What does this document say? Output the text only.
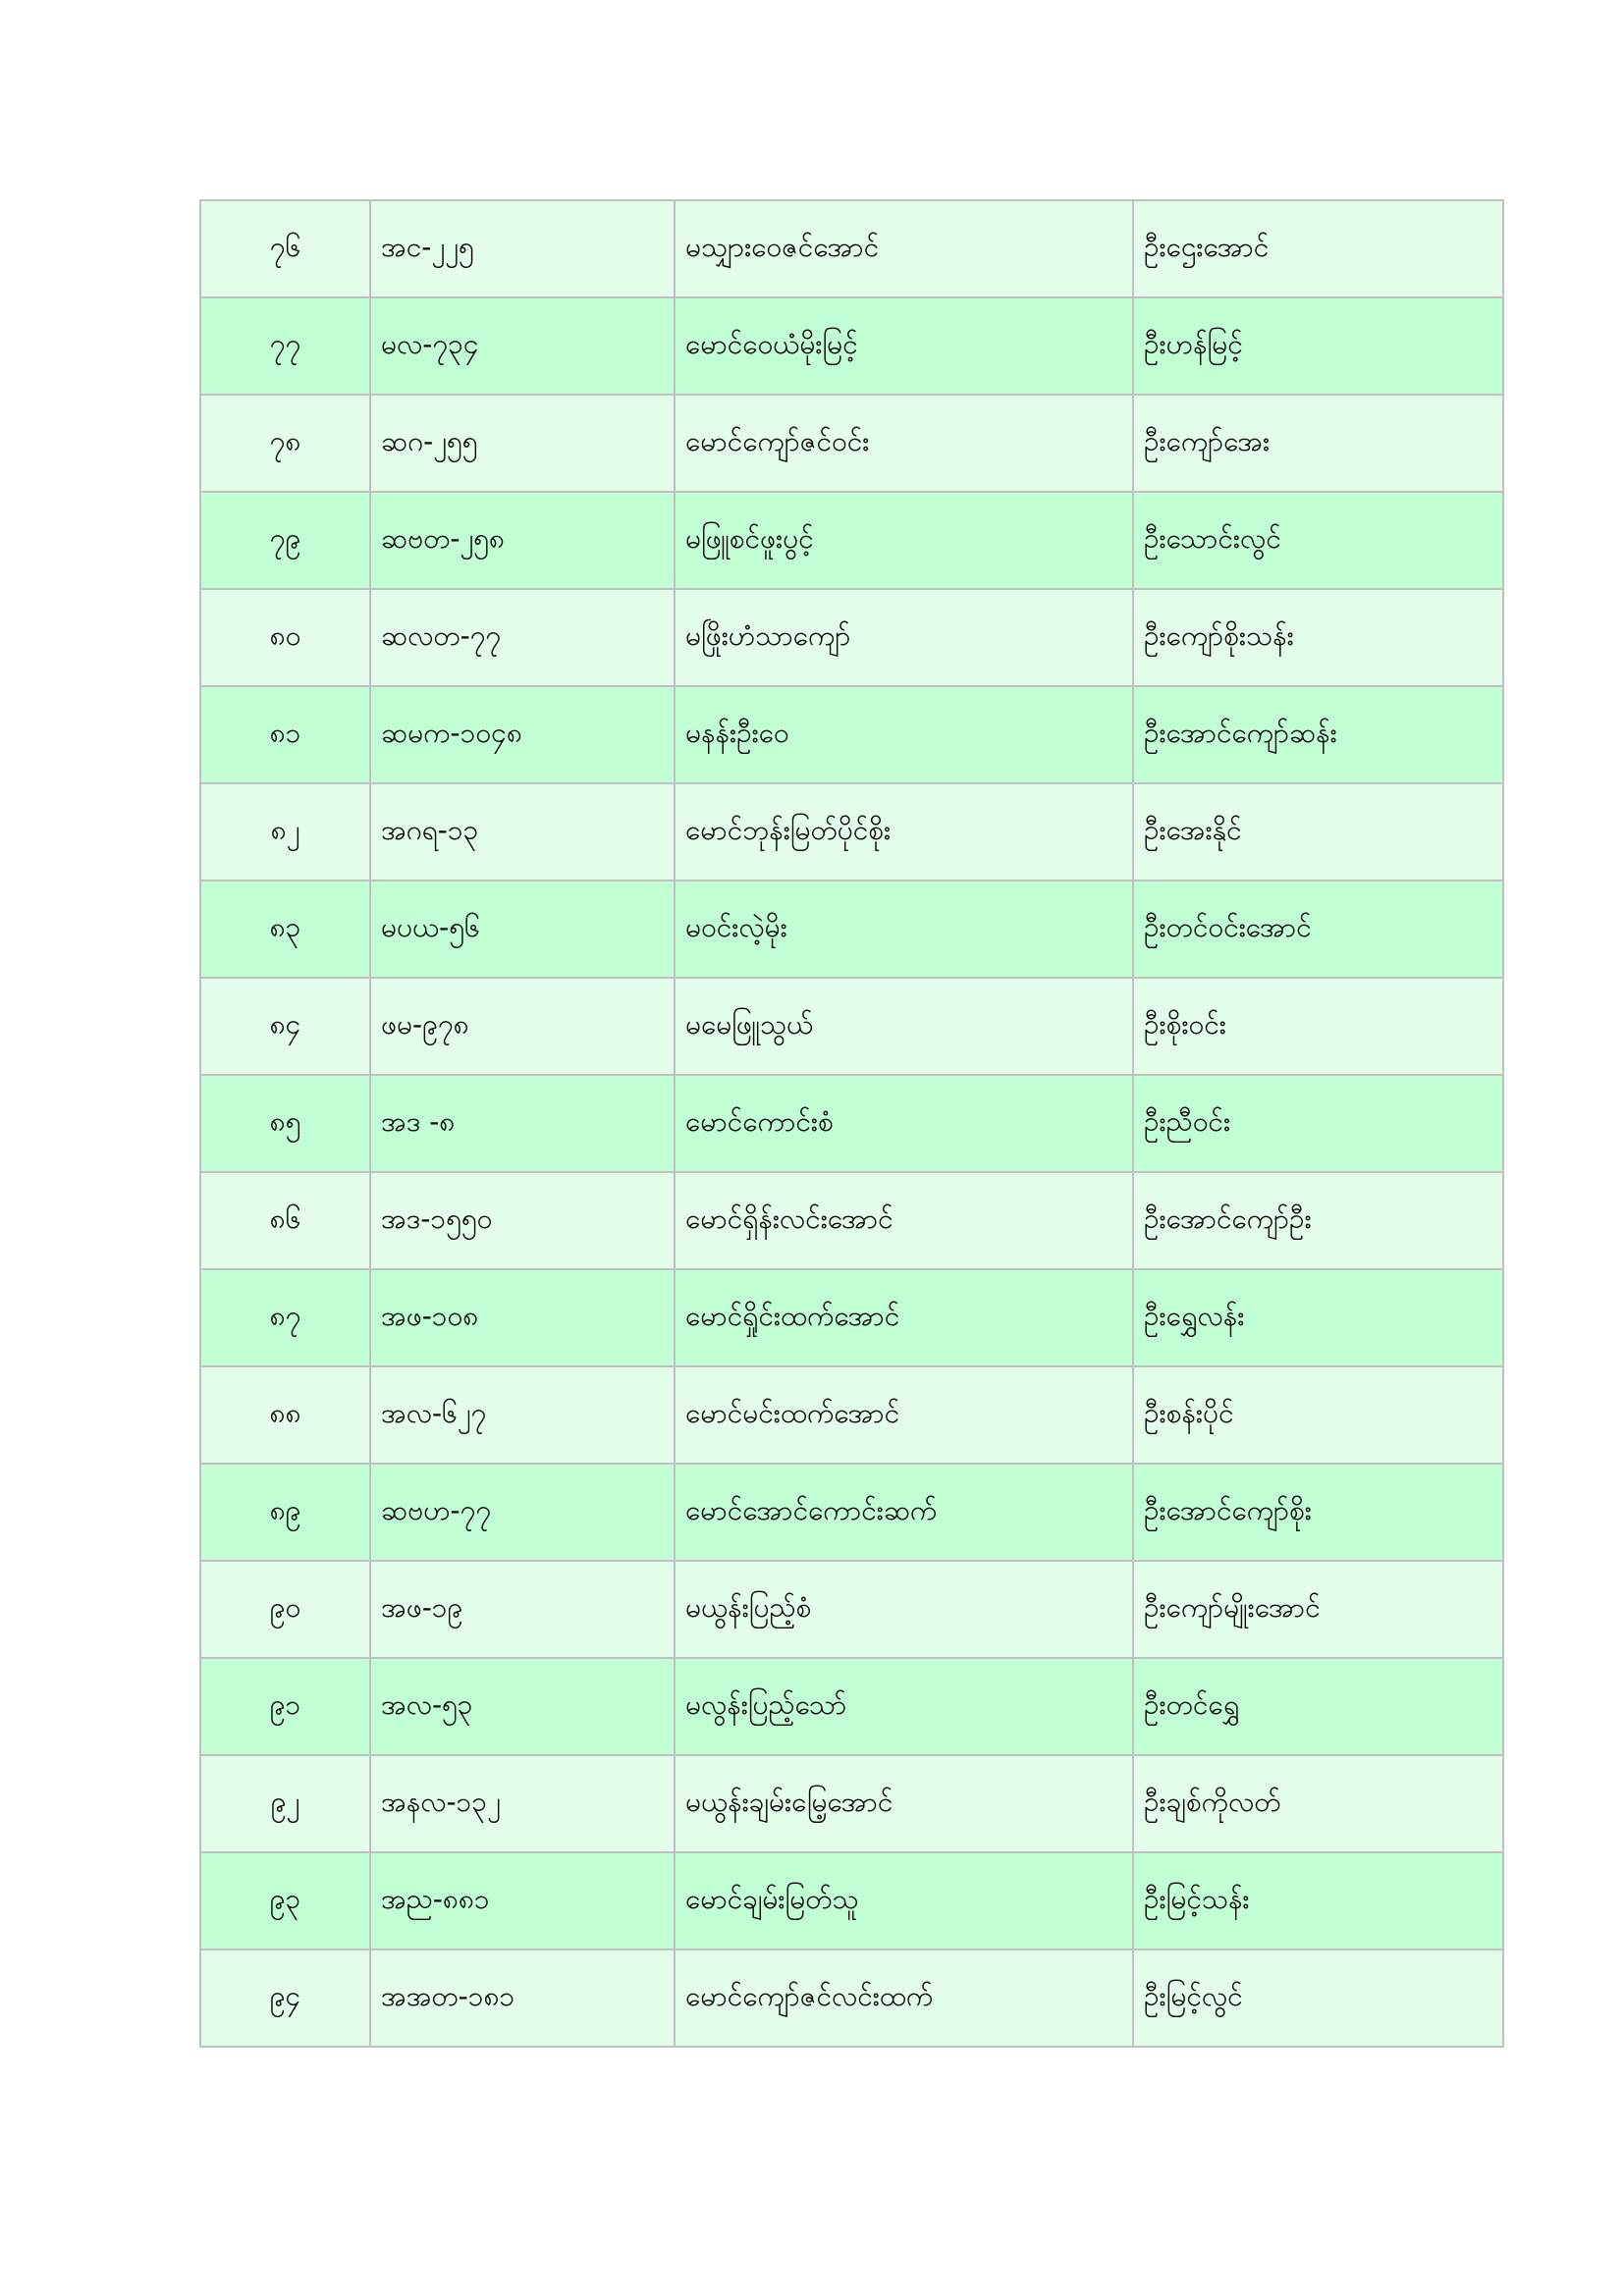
၇၆	အင-၂၂၅	မသျှားဝေဇင်အောင်	ဦးဌေးအောင်
၇၇	မလ-၇၃၄	မောင်ဝေယံမိုးမြင့်	ဦးဟန်မြင့်
၇၈	ဆဂ-၂၅၅	မောင်ကျော်ဇင်ဝင်း	ဦးကျော်အေး
၇၉	ဆဗတ-၂၅၈	မဖြူစင်ဖူးပွင့်	ဦးသောင်းလွင်
၈၀	ဆလတ-၇၇	မဖြိုးဟံသာကျော်	ဦးကျော်စိုးသန်း
၈၁	ဆမက-၁၀၄၈	မနန်းဦးဝေ	ဦးအောင်ကျော်ဆန်း
၈၂	အဂရ-၁၃	မောင်ဘုန်းမြတ်ပိုင်စိုး	ဦးအေးနိုင်
၈၃	မပယ-၅၆	မဝင်းလဲ့မိုး	ဦးတင်ဝင်းအောင်
၈၄	ဖမ-၉၇၈	မမေဖြူသွယ်	ဦးစိုးဝင်း
၈၅	အဒ -၈	မောင်ကောင်းစံ	ဦးညီဝင်း
၈၆	အဒ-၁၅၅၀	မောင်ရှိန်းလင်းအောင်	ဦးအောင်ကျော်ဦး
၈၇	အဖ-၁၀၈	မောင်ရှိုင်းထက်အောင်	ဦးရွှေလန်း
၈၈	အလ-၆၂၇	မောင်မင်းထက်အောင်	ဦးစန်းပိုင်
၈၉	ဆဗဟ-၇၇	မောင်အောင်ကောင်းဆက်	ဦးအောင်ကျော်စိုး
၉၀	အဖ-၁၉	မယွန်းပြည့်စံ	ဦးကျော်မျိုးအောင်
၉၁	အလ-၅၃	မလွန်းပြည့်သော်	ဦးတင်ရွှေ
၉၂	အနလ-၁၃၂	မယွန်းချမ်းမြေ့အောင်	ဦးချစ်ကိုလတ်
၉၃	အည-၈၈၁	မောင်ချမ်းမြတ်သူ	ဦးမြင့်သန်း
၉၄	အအတ-၁၈၁	မောင်ကျော်ဇင်လင်းထက်	ဦးမြင့်လွင်
